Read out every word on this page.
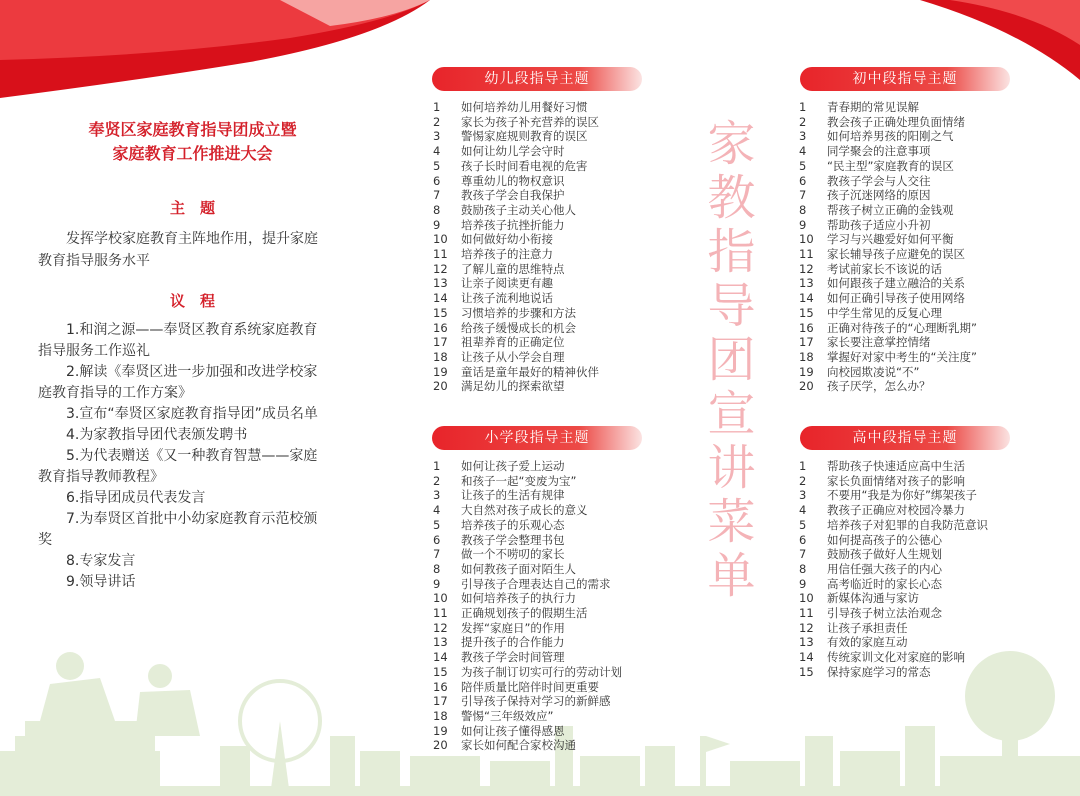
奉贤区家庭教育指导团成立暨
家庭教育工作推进大会
主　题
发挥学校家庭教育主阵地作用，提升家庭教育指导服务水平
议　程
1.和润之源——奉贤区教育系统家庭教育指导服务工作巡礼
2.解读《奉贤区进一步加强和改进学校家庭教育指导的工作方案》
3.宣布“奉贤区家庭教育指导团”成员名单
4.为家教指导团代表颁发聘书
5.为代表赠送《又一种教育智慧——家庭教育指导教师教程》
6.指导团成员代表发言
7.为奉贤区首批中小幼家庭教育示范校颁奖
8.专家发言
9.领导讲话	家教指导团宣讲菜单
幼儿段指导主题
小学段指导主题
初中段指导主题
高中段指导主题
1 如何培养幼儿用餐好习惯
2 家长为孩子补充营养的误区
3 警惕家庭规则教育的误区
4 如何让幼儿学会守时
5 孩子长时间看电视的危害
6 尊重幼儿的物权意识
7 教孩子学会自我保护
8 鼓励孩子主动关心他人
9 培养孩子抗挫折能力
10 如何做好幼小衔接
11 培养孩子的注意力
12 了解儿童的思维特点
13 让亲子阅读更有趣
14 让孩子流利地说话
15 习惯培养的步骤和方法
16 给孩子缓慢成长的机会
17 祖辈养育的正确定位
18 让孩子从小学会自理
19 童话是童年最好的精神伙伴
20 满足幼儿的探索欲望
1 如何让孩子爱上运动
2 和孩子一起“变废为宝”
3 让孩子的生活有规律
4 大自然对孩子成长的意义
5 培养孩子的乐观心态
6 教孩子学会整理书包
7 做一个不唠叨的家长
8 如何教孩子面对陌生人
9 引导孩子合理表达自己的需求
10 如何培养孩子的执行力
11 正确规划孩子的假期生活
12 发挥“家庭日”的作用
13 提升孩子的合作能力
14 教孩子学会时间管理
15 为孩子制订切实可行的劳动计划
16 陪伴质量比陪伴时间更重要
17 引导孩子保持对学习的新鲜感
18 警惕“三年级效应”
19 如何让孩子懂得感恩
20 家长如何配合家校沟通
1 青春期的常见误解
2 教会孩子正确处理负面情绪
3 如何培养男孩的阳刚之气
4 同学聚会的注意事项
5 “民主型”家庭教育的误区
6 教孩子学会与人交往
7 孩子沉迷网络的原因
8 帮孩子树立正确的金钱观
9 帮助孩子适应小升初
10 学习与兴趣爱好如何平衡
11 家长辅导孩子应避免的误区
12 考试前家长不该说的话
13 如何跟孩子建立融洽的关系
14 如何正确引导孩子使用网络
15 中学生常见的反复心理
16 正确对待孩子的“心理断乳期”
17 家长要注意掌控情绪
18 掌握好对家中考生的“关注度”
19 向校园欺凌说“不”
20 孩子厌学，怎么办？
1 帮助孩子快速适应高中生活
2 家长负面情绪对孩子的影响
3 不要用“我是为你好”绑架孩子
4 教孩子正确应对校园冷暴力
5 培养孩子对犯罪的自我防范意识
6 如何提高孩子的公德心
7 鼓励孩子做好人生规划
8 用信任强大孩子的内心
9 高考临近时的家长心态
10 新媒体沟通与家访
11 引导孩子树立法治观念
12 让孩子承担责任
13 有效的家庭互动
14 传统家训文化对家庭的影响
15 保持家庭学习的常态
